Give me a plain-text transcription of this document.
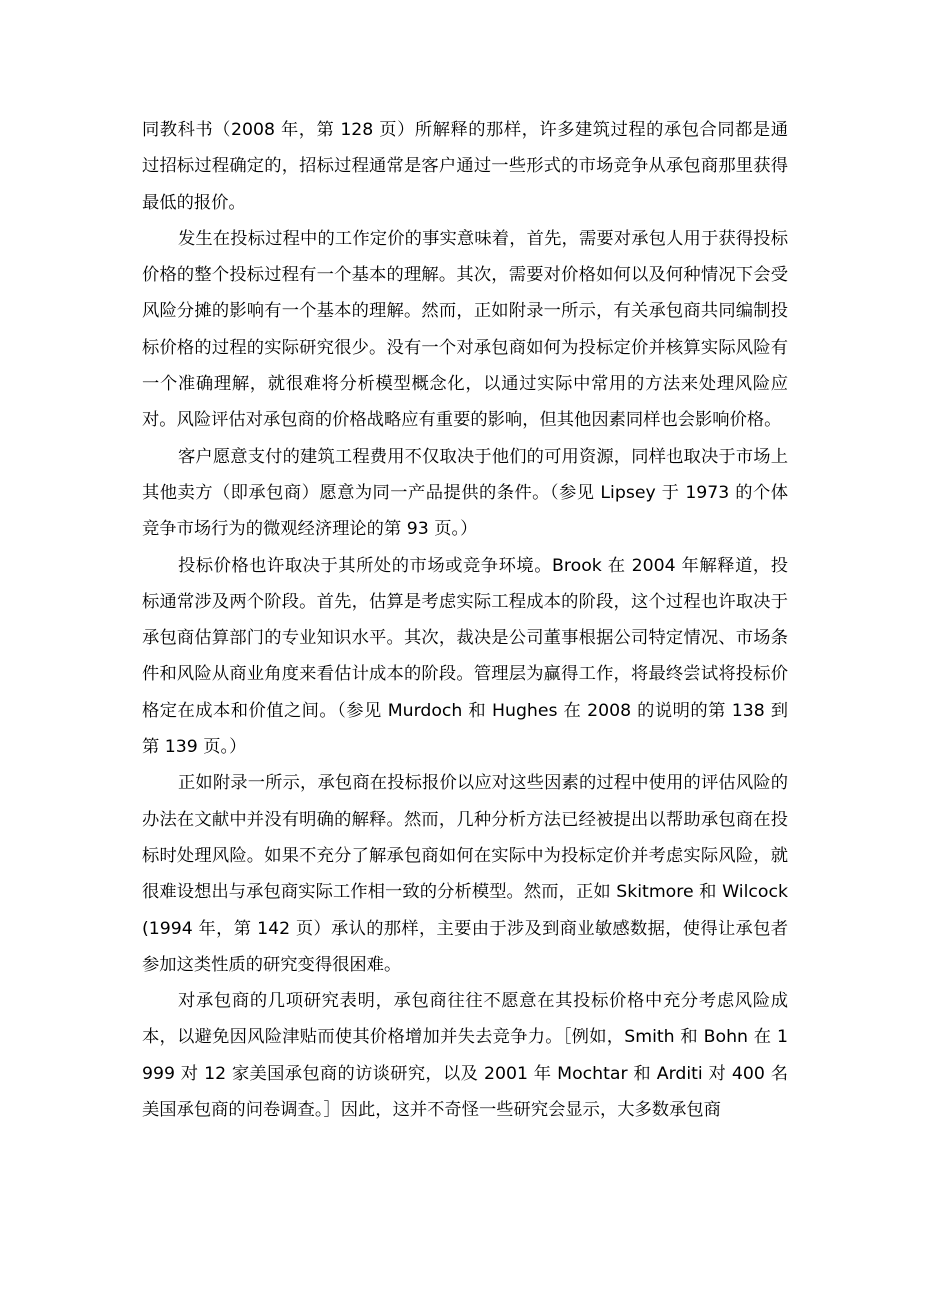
同教科书（2008 年，第 128 页）所解释的那样，许多建筑过程的承包合同都是通过招标过程确定的，招标过程通常是客户通过一些形式的市场竞争从承包商那里获得最低的报价。

发生在投标过程中的工作定价的事实意味着，首先，需要对承包人用于获得投标价格的整个投标过程有一个基本的理解。其次，需要对价格如何以及何种情况下会受风险分摊的影响有一个基本的理解。然而，正如附录一所示，有关承包商共同编制投标价格的过程的实际研究很少。没有一个对承包商如何为投标定价并核算实际风险有一个准确理解，就很难将分析模型概念化，以通过实际中常用的方法来处理风险应对。风险评估对承包商的价格战略应有重要的影响，但其他因素同样也会影响价格。

客户愿意支付的建筑工程费用不仅取决于他们的可用资源，同样也取决于市场上其他卖方（即承包商）愿意为同一产品提供的条件。（参见 Lipsey 于 1973 的个体竞争市场行为的微观经济理论的第 93 页。）

投标价格也许取决于其所处的市场或竞争环境。Brook 在 2004 年解释道，投标通常涉及两个阶段。首先，估算是考虑实际工程成本的阶段，这个过程也许取决于承包商估算部门的专业知识水平。其次，裁决是公司董事根据公司特定情况、市场条件和风险从商业角度来看估计成本的阶段。管理层为赢得工作，将最终尝试将投标价格定在成本和价值之间。（参见 Murdoch 和 Hughes 在 2008 的说明的第 138 到第 139 页。）

正如附录一所示，承包商在投标报价以应对这些因素的过程中使用的评估风险的办法在文献中并没有明确的解释。然而，几种分析方法已经被提出以帮助承包商在投标时处理风险。如果不充分了解承包商如何在实际中为投标定价并考虑实际风险，就很难设想出与承包商实际工作相一致的分析模型。然而，正如 Skitmore 和 Wilcock(1994 年，第 142 页）承认的那样，主要由于涉及到商业敏感数据，使得让承包者参加这类性质的研究变得很困难。

对承包商的几项研究表明，承包商往往不愿意在其投标价格中充分考虑风险成本，以避免因风险津贴而使其价格增加并失去竞争力。［例如，Smith 和 Bohn 在 1999 对 12 家美国承包商的访谈研究，以及 2001 年 Mochtar 和 Arditi 对 400 名美国承包商的问卷调查。］因此，这并不奇怪一些研究会显示，大多数承包商
